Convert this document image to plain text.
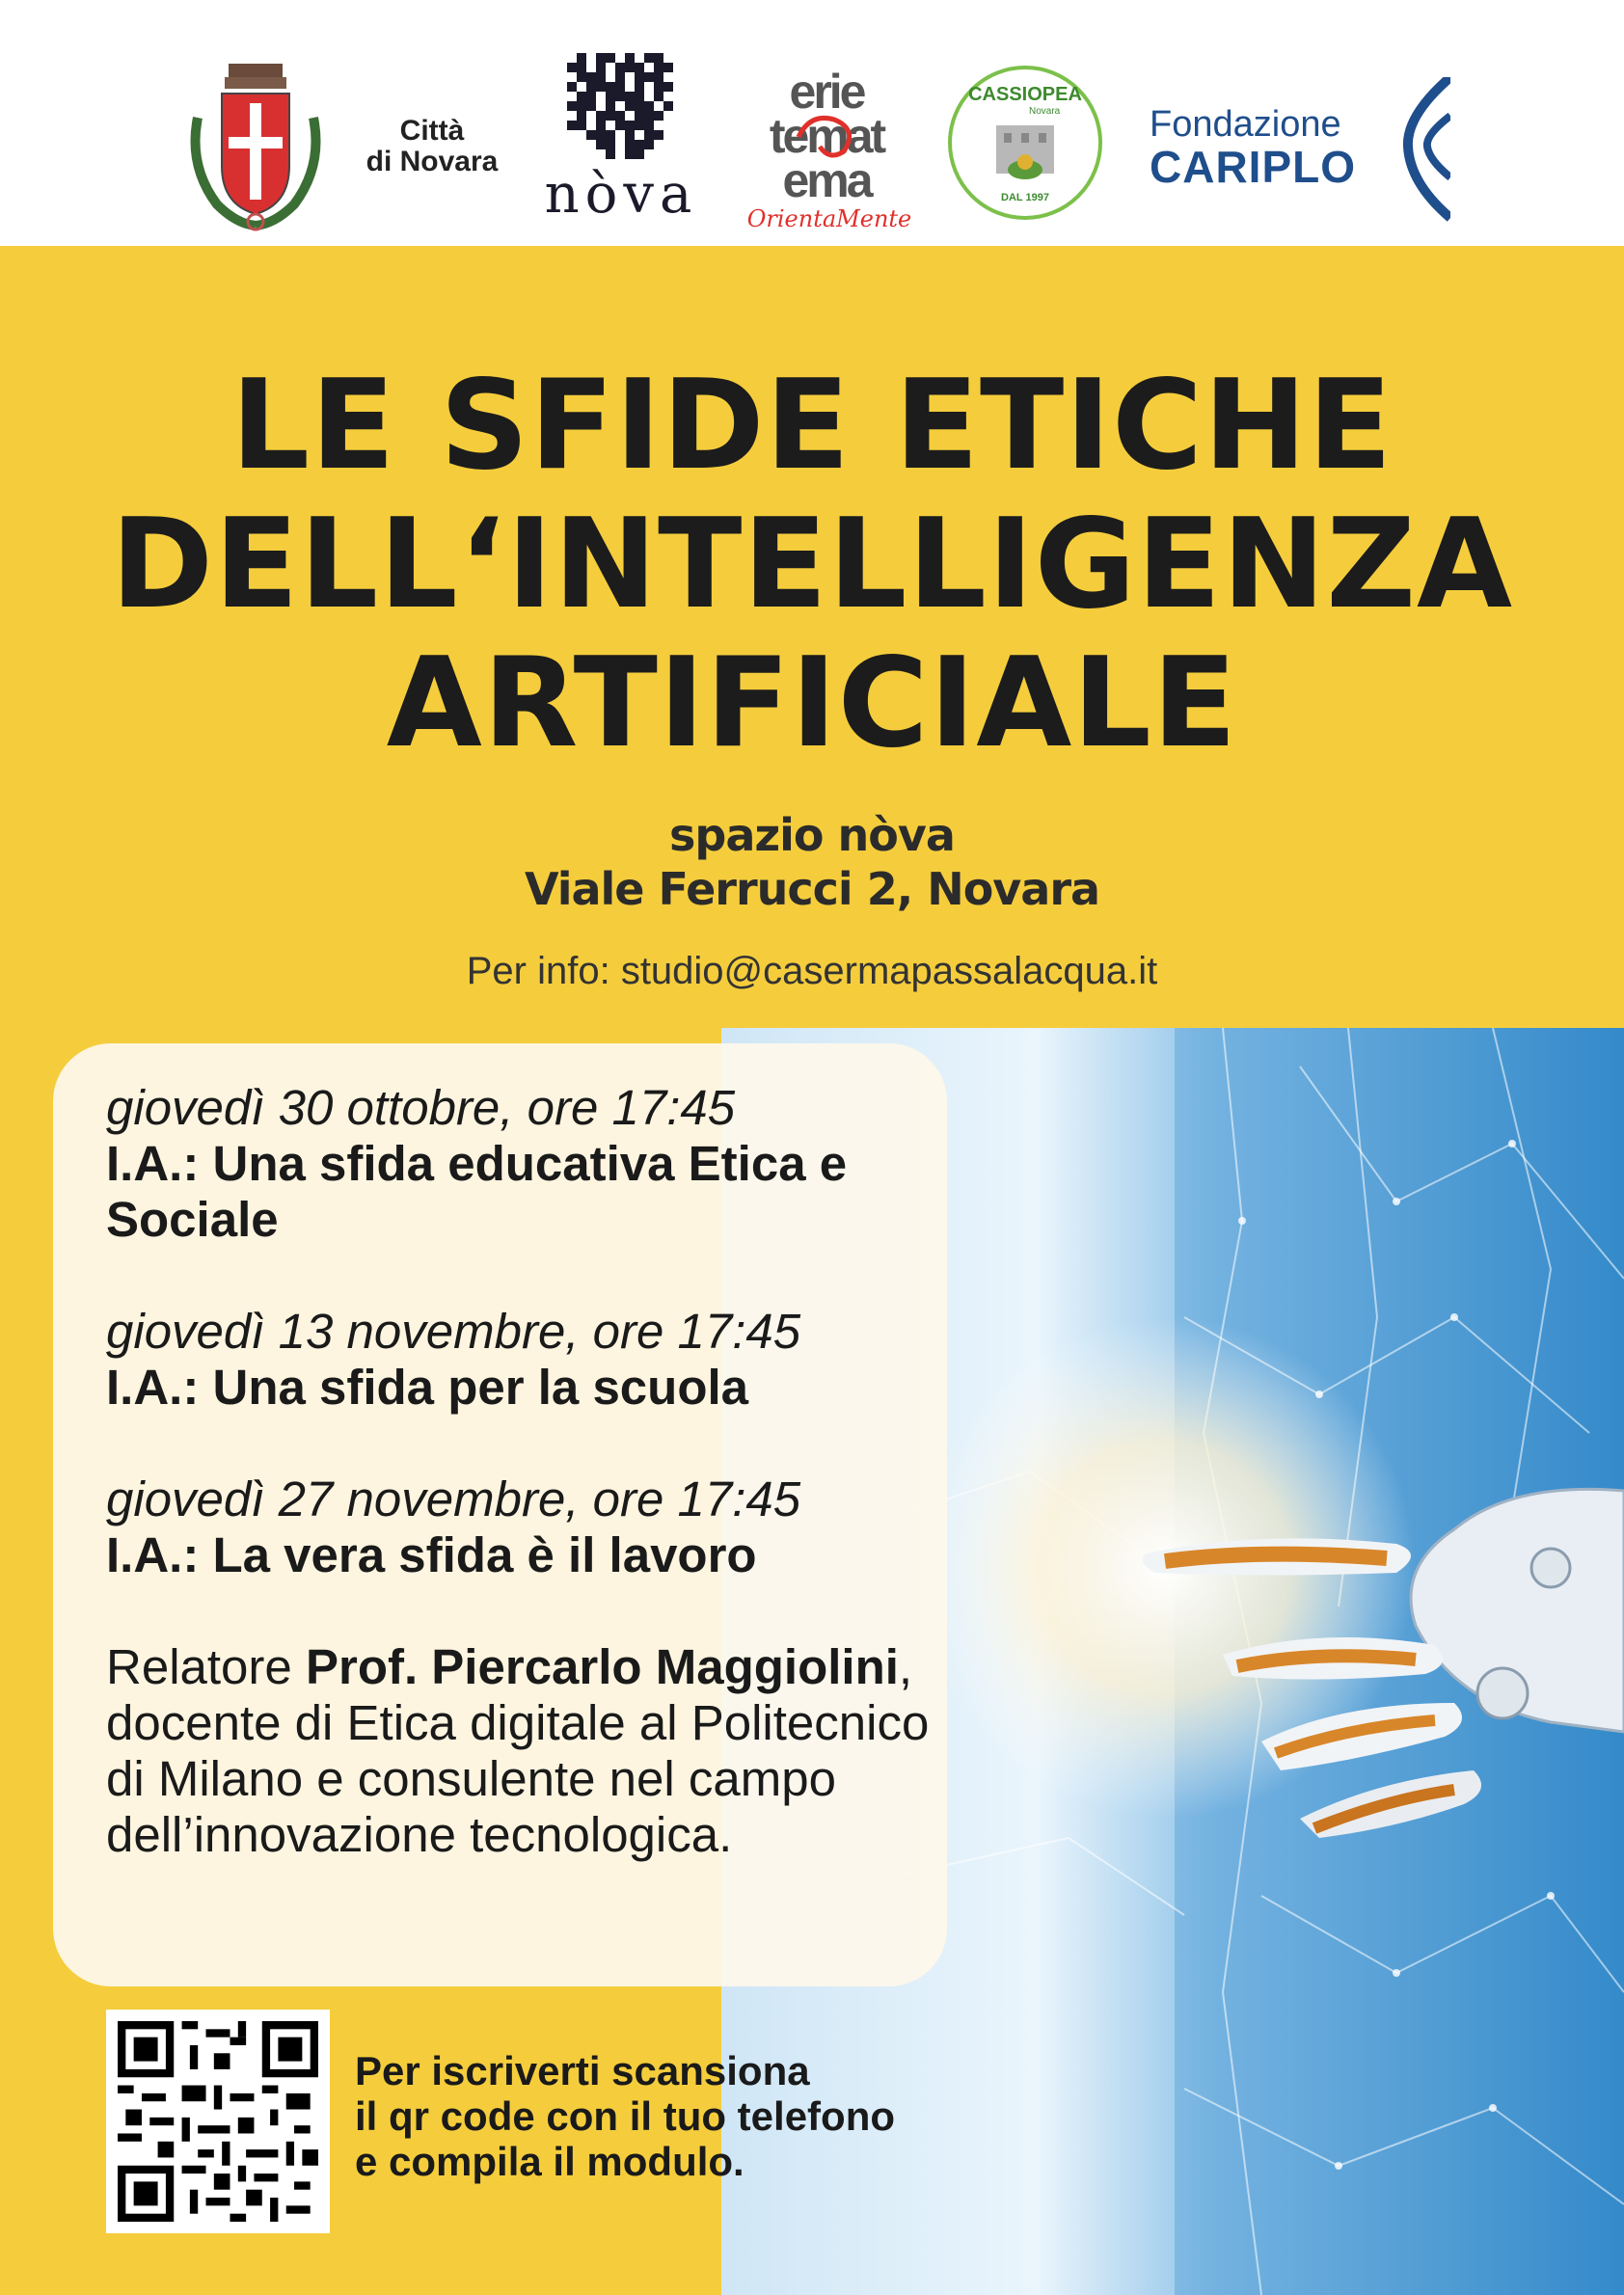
Città
di Novara
nòva
erie
temat
ema
OrientaMente
CASSIOPEA
Novara
DAL 1997
Fondazione
CARIPLO
LE SFIDE ETICHE
DELL‘INTELLIGENZA
ARTIFICIALE
spazio nòva
Viale Ferrucci 2, Novara
Per info: studio@casermapassalacqua.it
giovedì 30 ottobre, ore 17:45
I.A.: Una sfida educativa Etica e Sociale
giovedì 13 novembre, ore 17:45
I.A.: Una sfida per la scuola
giovedì 27 novembre, ore 17:45
I.A.: La vera sfida è il lavoro
Relatore Prof. Piercarlo Maggiolini, docente di Etica digitale al Politecnico di Milano e consulente nel campo dell’innovazione tecnologica.
Per iscriverti scansiona
il qr code con il tuo telefono
e compila il modulo.
